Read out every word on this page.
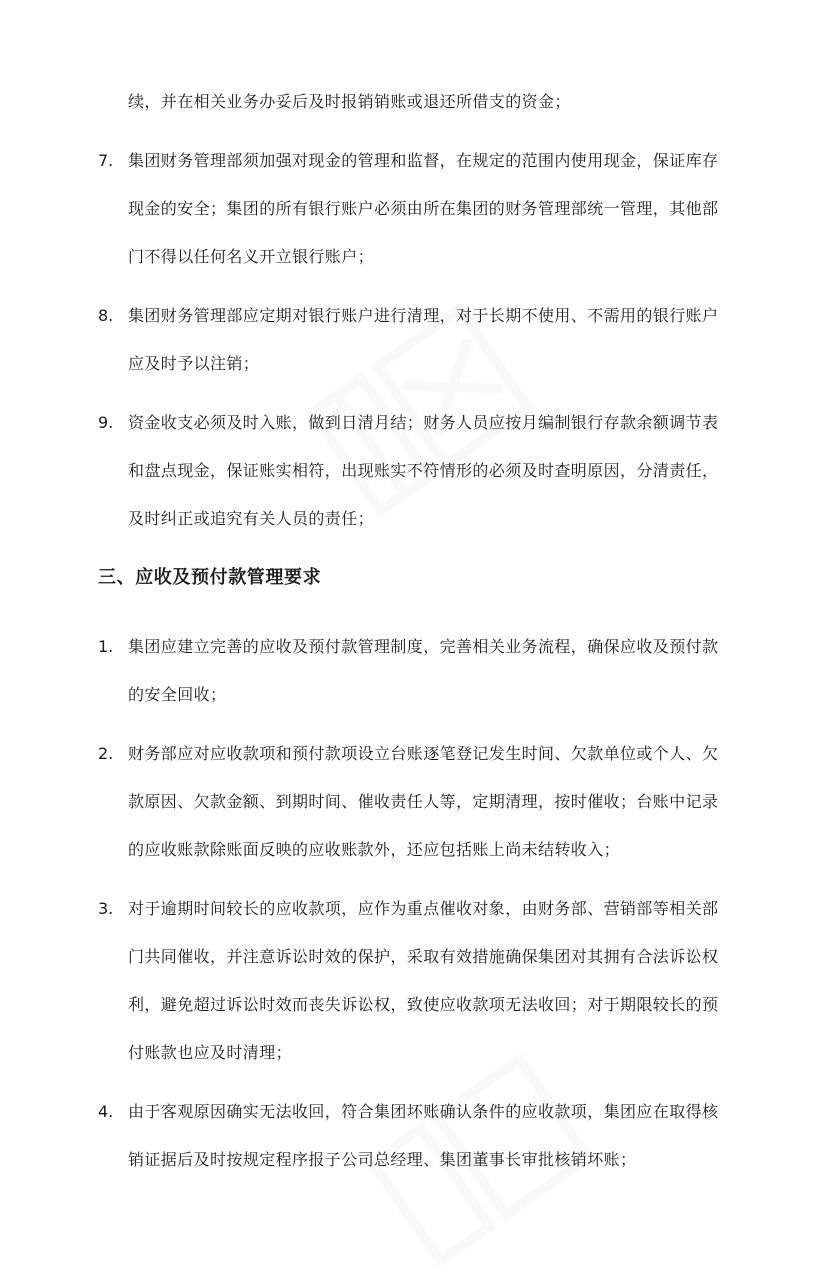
续，并在相关业务办妥后及时报销销账或退还所借支的资金；
7. 集团财务管理部须加强对现金的管理和监督，在规定的范围内使用现金，保证库存
现金的安全；集团的所有银行账户必须由所在集团的财务管理部统一管理，其他部
门不得以任何名义开立银行账户；
8. 集团财务管理部应定期对银行账户进行清理，对于长期不使用、不需用的银行账户
应及时予以注销；
9. 资金收支必须及时入账，做到日清月结；财务人员应按月编制银行存款余额调节表
和盘点现金，保证账实相符，出现账实不符情形的必须及时查明原因，分清责任，
及时纠正或追究有关人员的责任；
三、应收及预付款管理要求
1. 集团应建立完善的应收及预付款管理制度，完善相关业务流程，确保应收及预付款
的安全回收；
2. 财务部应对应收款项和预付款项设立台账逐笔登记发生时间、欠款单位或个人、欠
款原因、欠款金额、到期时间、催收责任人等，定期清理，按时催收；台账中记录
的应收账款除账面反映的应收账款外，还应包括账上尚未结转收入；
3. 对于逾期时间较长的应收款项，应作为重点催收对象，由财务部、营销部等相关部
门共同催收，并注意诉讼时效的保护，采取有效措施确保集团对其拥有合法诉讼权
利，避免超过诉讼时效而丧失诉讼权，致使应收款项无法收回；对于期限较长的预
付账款也应及时清理；
4. 由于客观原因确实无法收回，符合集团坏账确认条件的应收款项，集团应在取得核
销证据后及时按规定程序报子公司总经理、集团董事长审批核销坏账；
